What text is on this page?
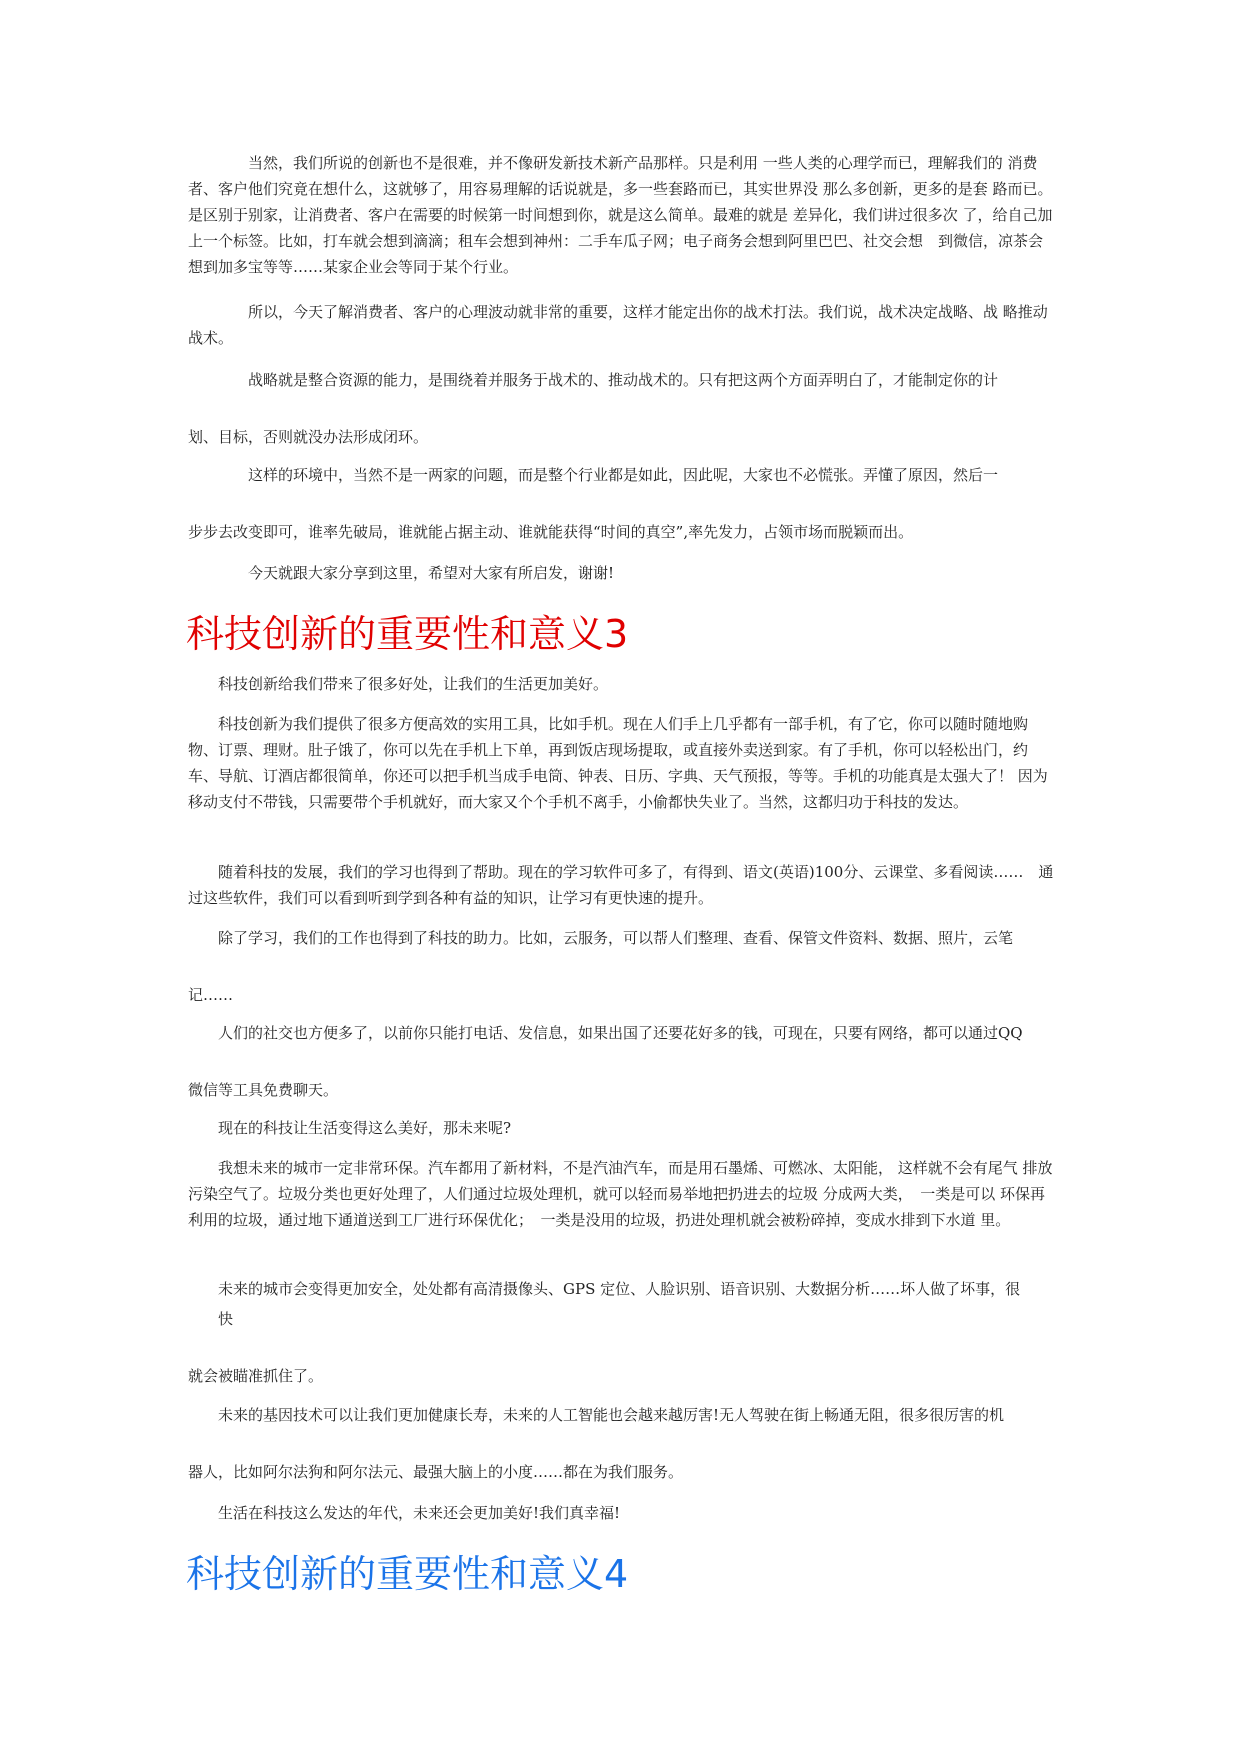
　　　　当然，我们所说的创新也不是很难，并不像研发新技术新产品那样。只是利用 一些人类的心理学而已，理解我们的 消费者、客户他们究竟在想什么，这就够了，用容易理解的话说就是，多一些套路而已，其实世界没 那么多创新，更多的是套 路而已。是区别于别家，让消费者、客户在需要的时候第一时间想到你，就是这么简单。最难的就是 差异化，我们讲过很多次 了，给自己加上一个标签。比如，打车就会想到滴滴；租车会想到神州：二手车瓜子网；电子商务会想到阿里巴巴、社交会想　到微信，凉茶会想到加多宝等等……某家企业会等同于某个行业。

　　　　所以，今天了解消费者、客户的心理波动就非常的重要，这样才能定出你的战术打法。我们说，战术决定战略、战 略推动战术。

　　　　战略就是整合资源的能力，是围绕着并服务于战术的、推动战术的。只有把这两个方面弄明白了，才能制定你的计

划、目标，否则就没办法形成闭环。

　　　　这样的环境中，当然不是一两家的问题，而是整个行业都是如此，因此呢，大家也不必慌张。弄懂了原因，然后一

步步去改变即可，谁率先破局，谁就能占据主动、谁就能获得“时间的真空”,率先发力，占领市场而脱颖而出。

　　　　今天就跟大家分享到这里，希望对大家有所启发，谢谢!

科技创新的重要性和意义3

　　科技创新给我们带来了很多好处，让我们的生活更加美好。

　　科技创新为我们提供了很多方便高效的实用工具，比如手机。现在人们手上几乎都有一部手机，有了它，你可以随时随地购物、订票、理财。肚子饿了，你可以先在手机上下单，再到饭店现场提取，或直接外卖送到家。有了手机，你可以轻松出门，约车、导航、订酒店都很简单，你还可以把手机当成手电筒、钟表、日历、字典、天气预报，等等。手机的功能真是太强大了！ 因为移动支付不带钱，只需要带个手机就好，而大家又个个手机不离手，小偷都快失业了。当然，这都归功于科技的发达。

　　随着科技的发展，我们的学习也得到了帮助。现在的学习软件可多了，有得到、语文(英语)100分、云课堂、多看阅读……　通过这些软件，我们可以看到听到学到各种有益的知识，让学习有更快速的提升。

　　除了学习，我们的工作也得到了科技的助力。比如，云服务，可以帮人们整理、查看、保管文件资料、数据、照片，云笔

记……

　　人们的社交也方便多了，以前你只能打电话、发信息，如果出国了还要花好多的钱，可现在，只要有网络，都可以通过QQ

微信等工具免费聊天。

　　现在的科技让生活变得这么美好，那未来呢?

　　我想未来的城市一定非常环保。汽车都用了新材料，不是汽油汽车，而是用石墨烯、可燃冰、太阳能， 这样就不会有尾气 排放污染空气了。垃圾分类也更好处理了，人们通过垃圾处理机，就可以轻而易举地把扔进去的垃圾 分成两大类，　一类是可以 环保再利用的垃圾，通过地下通道送到工厂进行环保优化；　一类是没用的垃圾，扔进处理机就会被粉碎掉，变成水排到下水道 里。

　　未来的城市会变得更加安全，处处都有高清摄像头、GPS 定位、人脸识别、语音识别、大数据分析……坏人做了坏事，很

　　快

就会被瞄准抓住了。

　　未来的基因技术可以让我们更加健康长寿，未来的人工智能也会越来越厉害!无人驾驶在街上畅通无阻，很多很厉害的机

器人，比如阿尔法狗和阿尔法元、最强大脑上的小度……都在为我们服务。

　　生活在科技这么发达的年代，未来还会更加美好!我们真幸福!

科技创新的重要性和意义4
